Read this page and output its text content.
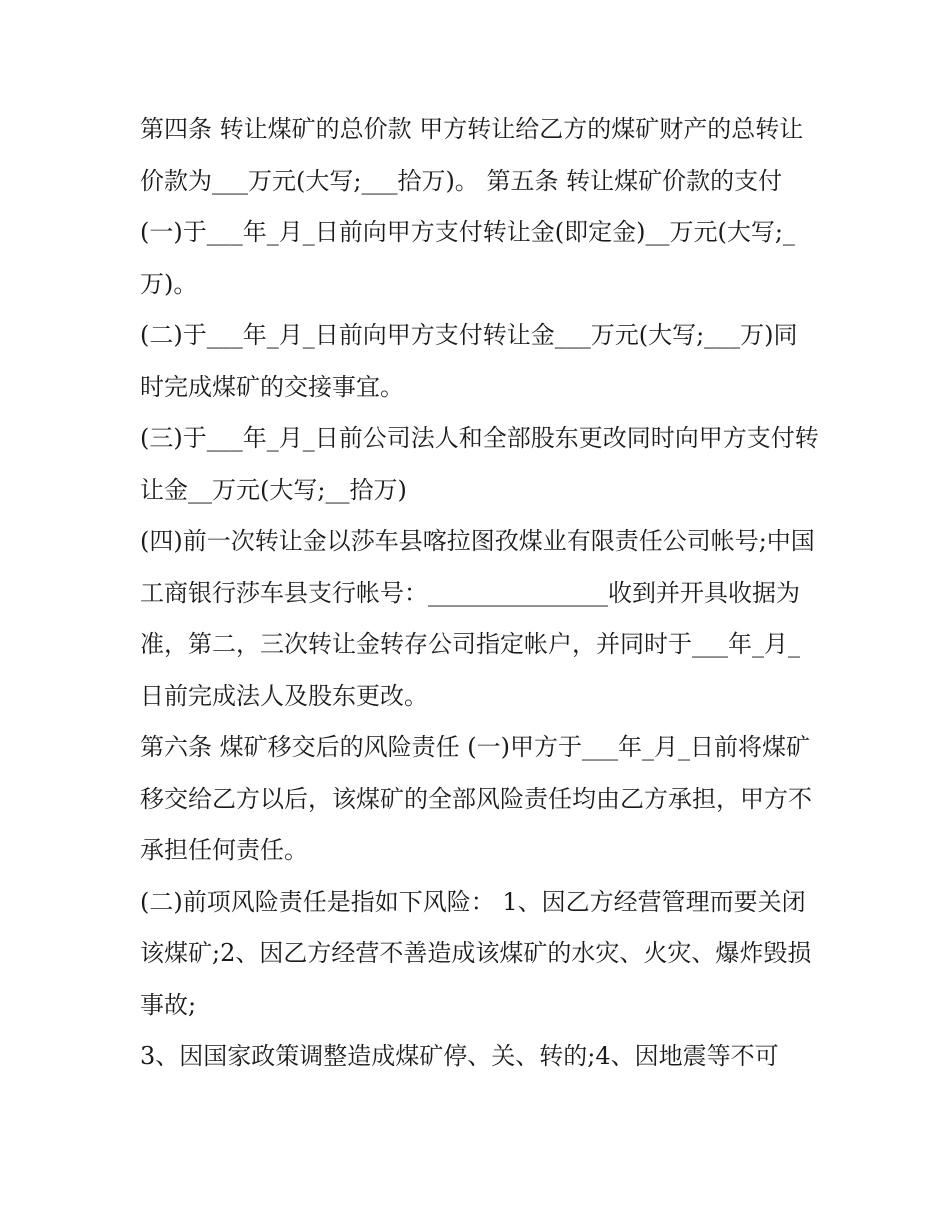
第四条 转让煤矿的总价款 甲方转让给乙方的煤矿财产的总转让价款为___万元(大写;___拾万)。 第五条 转让煤矿价款的支付

(一)于___年_月_日前向甲方支付转让金(即定金)__万元(大写;_万)。

(二)于___年_月_日前向甲方支付转让金___万元(大写;___万)同时完成煤矿的交接事宜。

(三)于___年_月_日前公司法人和全部股东更改同时向甲方支付转让金__万元(大写;__拾万)

(四)前一次转让金以莎车县喀拉图孜煤业有限责任公司帐号;中国工商银行莎车县支行帐号：_______________收到并开具收据为准，第二，三次转让金转存公司指定帐户，并同时于___年_月_日前完成法人及股东更改。

第六条 煤矿移交后的风险责任 (一)甲方于___年_月_日前将煤矿移交给乙方以后，该煤矿的全部风险责任均由乙方承担，甲方不承担任何责任。

(二)前项风险责任是指如下风险： 1、因乙方经营管理而要关闭该煤矿;2、因乙方经营不善造成该煤矿的水灾、火灾、爆炸毁损事故;

3、因国家政策调整造成煤矿停、关、转的;4、因地震等不可
